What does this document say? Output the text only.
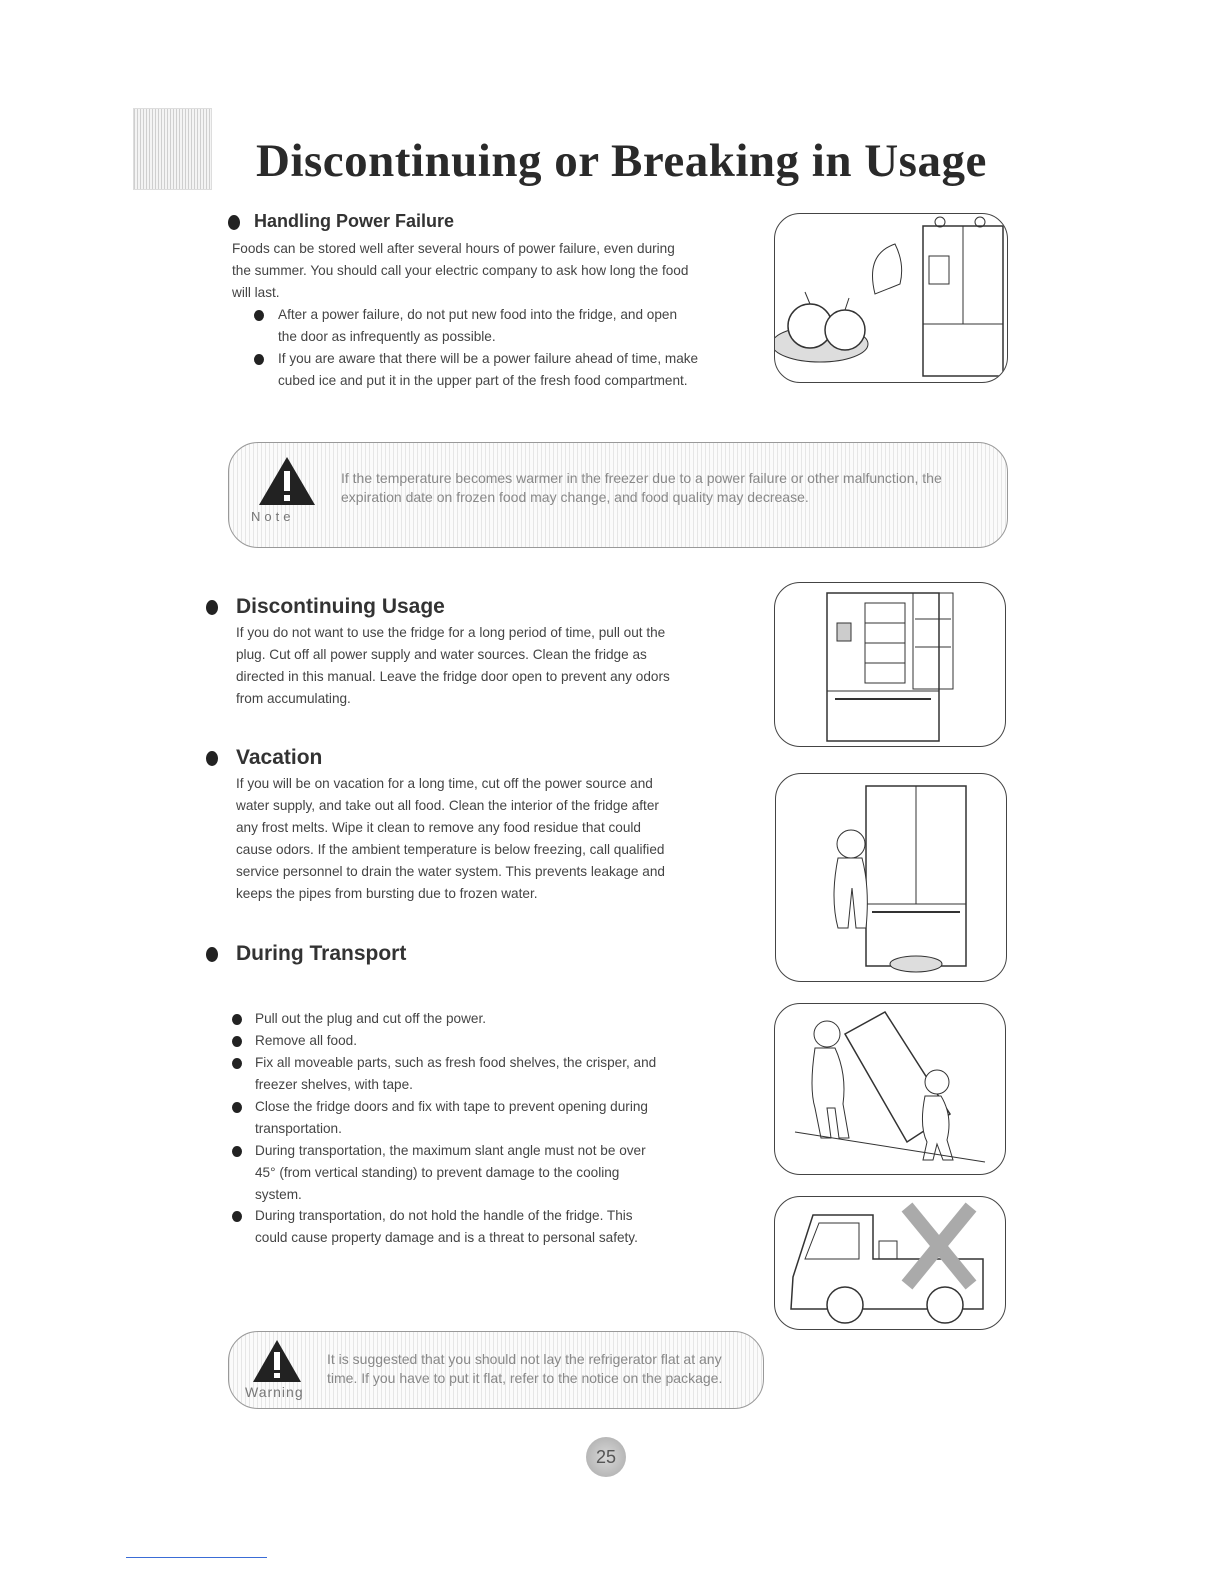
Discontinuing or Breaking in Usage
Handling Power Failure
Foods can be stored well after several hours of power failure, even during
the summer. You should call your electric company to ask how long the food
will last.
After a power failure, do not put new food into the fridge, and open
the door as infrequently as possible.
If you are aware that there will be a power failure ahead of time, make
cubed ice and put it in the upper part of the fresh food compartment.
Note
If the temperature becomes warmer in the freezer due to a power failure or other malfunction, the
expiration date on frozen food may change, and food quality may decrease.
Discontinuing Usage
If you do not want to use the fridge for a long period of time, pull out the
plug. Cut off all power supply and water sources. Clean the fridge as
directed in this manual. Leave the fridge door open to prevent any odors
from accumulating.
Vacation
If you will be on vacation for a long time, cut off the power source and
water supply, and take out all food. Clean the interior of the fridge after
any frost melts. Wipe it clean to remove any food residue that could
cause odors. If the ambient temperature is below freezing, call qualified
service personnel to drain the water system. This prevents leakage and
keeps the pipes from bursting due to frozen water.
During Transport
Pull out the plug and cut off the power.
Remove all food.
Fix all moveable parts, such as fresh food shelves, the crisper, and
freezer shelves, with tape.
Close the fridge doors and fix with tape to prevent opening during
transportation.
During transportation, the maximum slant angle must not be over
45° (from vertical standing) to prevent damage to the cooling
system.
During transportation, do not hold the handle of the fridge. This
could cause property damage and is a threat to personal safety.
Warning
It is suggested that you should not lay the refrigerator flat at any
time. If you have to put it flat, refer to the notice on the package.
25
